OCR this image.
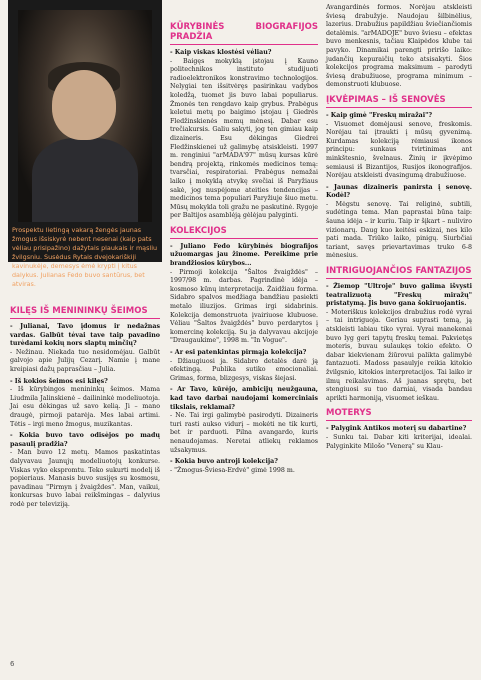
Prospektu lietingą vakarą žengės jaunas žmogus išsiskyrė nebent nesenai (kaip pats vėliau prisipažino) dažytais plaukais ir mąsliu žvilgsniu. Susėdus Rytais dvejokariškiji kavinukėje, demesys ėmė krypti į kitus dalykus. Julianas Fedo buvo santūrus, bet atviras.
KILĘS IŠ MENININKŲ ŠEIMOS

- Julianai, Tavo įdomus ir nedažnas vardas. Galbūt tėvai tave taip pavadino turėdami kokių nors slaptų minčių?

- Nežinau. Niekada tuo nesidomėjau. Galbūt galvojo apie Julijų Cezarį. Namie į mane kreipiasi dažų paprasčiau – Julia.

- Iš kokios šeimos esi kilęs?

- Iš kūrybingos menininkų šeimos. Mama Liudmila Jalinskienė – dailininkė modeliuotoja. Jai esu dėkingas už savo kelią. Ji – mano draugė, pirmoji patarėja. Mes labai artimi. Tėtis – irgi meno žmogus, muzikantas.

- Kokia buvo tavo odisėjos po madų pasaulį pradžia?

- Man buvo 12 metų. Mamos paskatintas dalyvavau Jaunųjų modeliuotojų konkurse. Viskas vyko ekspromtu. Teko sukurti modelį iš popieriaus. Manasis buvo susijęs su kosmosu, pavadinau "Pirmyn į žvaigždes". Man, vaikui, konkursas buvo labai reikšmingas – dalyvius rodė per televiziją.

KŪRYBINĖS BIOGRAFIJOS PRADŽIA

- Kaip viskas klostėsi vėliau?

- Baigęs mokyklą įstojau į Kauno politechnikos instituto studijuoti radioelektronikos konstravimo technologijos. Nelygiai ten išsitvėręs pasirinkau vadybos koledžą, tuomet jis buvo labai populiarus. Žmonės ten rengdavo kaip grybus. Prabėgus keletui metų po baigimo įstojau į Giedrės Fledžinskienės memų mėnesį. Dabar esu trečiakursis. Galiu sakyti, jog ten gimiau kaip dizaineris. Esu dėkingas Giedrei Fledžinskienei už galimybę atsiskleisti. 1997 m. renginiui "arMADA'97" mūsų kursas kūrė bendrą projektą, rinkomės medicinos temą: tvarsčiai, respiratoriai. Prabėgus nemažai laiko į mokyklą atvykę svečiai iš Paryžiaus sakė, jog nuspėjome ateities tendencijas – medicinos tema populiari Paryžiuje šiuo metu. Mūsų mokykla toli gražu ne paskutinė. Rygoje per Baltijos asamblėją gėlėjau palyginti.

KOLEKCIJOS

- Juliano Fedo kūrybinės biografijos užuomargas jau žinome. Pereikime prie brandžiosios kūrybos...

- Pirmoji kolekcija "Šaltos žvaigždės" – 1997/98 m. darbas. Pagrindinė idėja – kosmoso kūnų interpretacija. Žaidžiau forma. Sidabro spalvos medžiaga bandžiau pasiekti metalo iliuzijos. Grimas irgi sidabrinis. Kolekcija demonstruota įvairiuose klubuose. Vėliau "Šaltos žvaigždės" buvo perdarytos į komercinę kolekciją. Su ja dalyvavau akcijoje "Draugaukime", 1998 m. "In Vogue".

- Ar esi patenkintas pirmąja kolekcija?

- Džiaugiuosi ja. Sidabro detalės darė ją efektingą. Publika sutiko emocionaliai. Grimas, forma, blizgesys, viskas šiejasi.

- Ar Tavo, kūrėjo, ambicijų neužgauna, kad tavo darbai naudojami komerciniais tikslais, reklamai?

- Ne. Tai irgi galimybė pasirodyti. Dizaineris turi rasti aukso vidurį – mokėti ne tik kurti, bet ir parduoti. Pilna avangardo, kuris nenaudojamas. Neretai atliekų reklamos užsakymus.

- Kokia buvo antroji kolekcija?

- "Žmogus-Šviesa-Erdvė" gimė 1998 m.

Avangardinės formos. Norėjau atskleisti šviesą drabužyje. Naudojau šilbinėlius, lazerius. Drabužius papildžiau šviečiančiomis detalėmis. "arMADOJE" buvo šviesu – efektas buvo menkesnis, tačiau Klaipėdos klube tai pavyko. Dinamikai parengti pririšo laiko: judančių kepuraičių teko atsisakyti. Šios kolekcijos programa maksimum – parodyti šviesą drabužiuose, programa minimum – demonstruoti klubuose.

ĮKVĖPIMAS – IŠ SENOVĖS

- Kaip gimė "Freskų miražai"?

- Visuomet domėjausi senove, freskomis. Norėjau tai įtraukti į mūsų gyvenimą. Kurdamas kolekciją rėmiausi ikonos principu: sunkaus tvirtinimas ant minkštesnio, švelnaus. Žinių ir įkvėpimo semiausi iš Bizantijos, Rusijos ikonografijos. Norėjau atskleisti dvasingumą drabužiuose.

- Jaunas dizaineris panirsta į senovę. Kodėl?

- Mėgstu senovę. Tai religinė, subtili, sudėtinga tema. Man paprastai būna taip: šauna idėja – ir kuriu. Taip ir šįkart – nuliviro vizionarų. Daug kuo keitėsi eskizai, nes kilo pati mada. Triūko laiko, pinigų. Siurbčiai tariant, savęs prievartavimas truko 6-8 mėnesius.

INTRIGUOJANČIOS FANTAZIJOS

- Žiemop "Ultroje" buvo galima išvysti teatralizuotą "Freskų miražų" pristatymą. Jis buvo gana šokiruojantis.

- Moteriškus kolekcijos drabužius rodė vyrai – tai intriguoja. Geriau suprasti temą, ją atskleisti labiau tiko vyrai. Vyrai manekenai buvo lyg geri tapytų freskų temai. Pakvietęs moteris, buvau sulaukęs tokio efekto. O dabar kiekvienam žiūrovui palikta galimybė fantazuoti. Madoss pasaulyje reikia kitokio žvilgsnio, kitokios interpretacijos. Tai laiko ir ilmų reikalavimas. Aš juanas sprętu, bet stengiuosi su tuo darniai, visada bandau aprikti harmoniją, visuomet ieškau.

MOTERYS

- Palygink Antikos moterį su dabartine?

- Sunku tai. Dabar kiti kriterijai, idealai. Palyginkite Milošo "Venerą" su Klau-

6
